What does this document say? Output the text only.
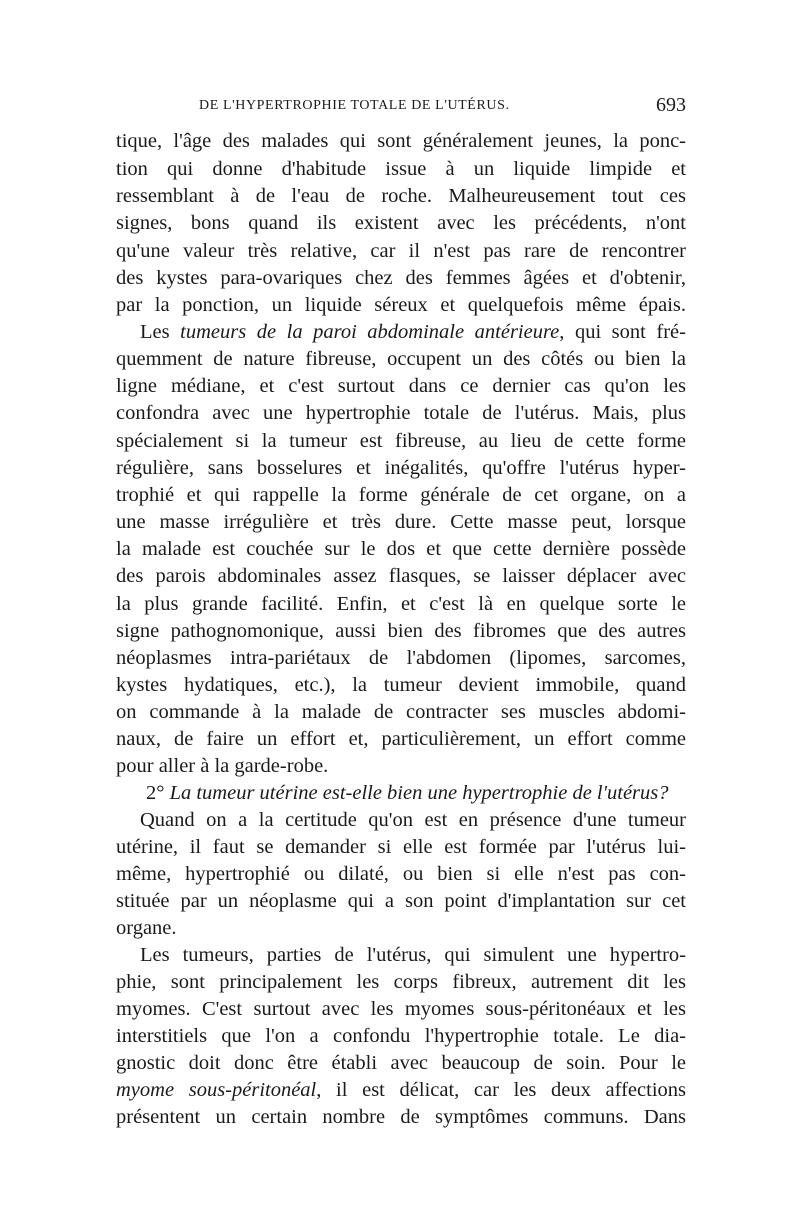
DE L'HYPERTROPHIE TOTALE DE L'UTÉRUS.	693
tique, l'âge des malades qui sont généralement jeunes, la ponc-
tion qui donne d'habitude issue à un liquide limpide et
ressemblant à de l'eau de roche. Malheureusement tout ces
signes, bons quand ils existent avec les précédents, n'ont
qu'une valeur très relative, car il n'est pas rare de rencontrer
des kystes para-ovariques chez des femmes âgées et d'obtenir,
par la ponction, un liquide séreux et quelquefois même épais.
Les tumeurs de la paroi abdominale antérieure, qui sont fré-
quemment de nature fibreuse, occupent un des côtés ou bien la
ligne médiane, et c'est surtout dans ce dernier cas qu'on les
confondra avec une hypertrophie totale de l'utérus. Mais, plus
spécialement si la tumeur est fibreuse, au lieu de cette forme
régulière, sans bosselures et inégalités, qu'offre l'utérus hyper-
trophié et qui rappelle la forme générale de cet organe, on a
une masse irrégulière et très dure. Cette masse peut, lorsque
la malade est couchée sur le dos et que cette dernière possède
des parois abdominales assez flasques, se laisser déplacer avec
la plus grande facilité. Enfin, et c'est là en quelque sorte le
signe pathognomonique, aussi bien des fibromes que des autres
néoplasmes intra-pariétaux de l'abdomen (lipomes, sarcomes,
kystes hydatiques, etc.), la tumeur devient immobile, quand
on commande à la malade de contracter ses muscles abdomi-
naux, de faire un effort et, particulièrement, un effort comme
pour aller à la garde-robe.
2° La tumeur utérine est-elle bien une hypertrophie de l'utérus?
Quand on a la certitude qu'on est en présence d'une tumeur
utérine, il faut se demander si elle est formée par l'utérus lui-
même, hypertrophié ou dilaté, ou bien si elle n'est pas con-
stituée par un néoplasme qui a son point d'implantation sur cet
organe.
Les tumeurs, parties de l'utérus, qui simulent une hypertro-
phie, sont principalement les corps fibreux, autrement dit les
myomes. C'est surtout avec les myomes sous-péritonéaux et les
interstitiels que l'on a confondu l'hypertrophie totale. Le dia-
gnostic doit donc être établi avec beaucoup de soin. Pour le
myome sous-péritonéal, il est délicat, car les deux affections
présentent un certain nombre de symptômes communs. Dans
